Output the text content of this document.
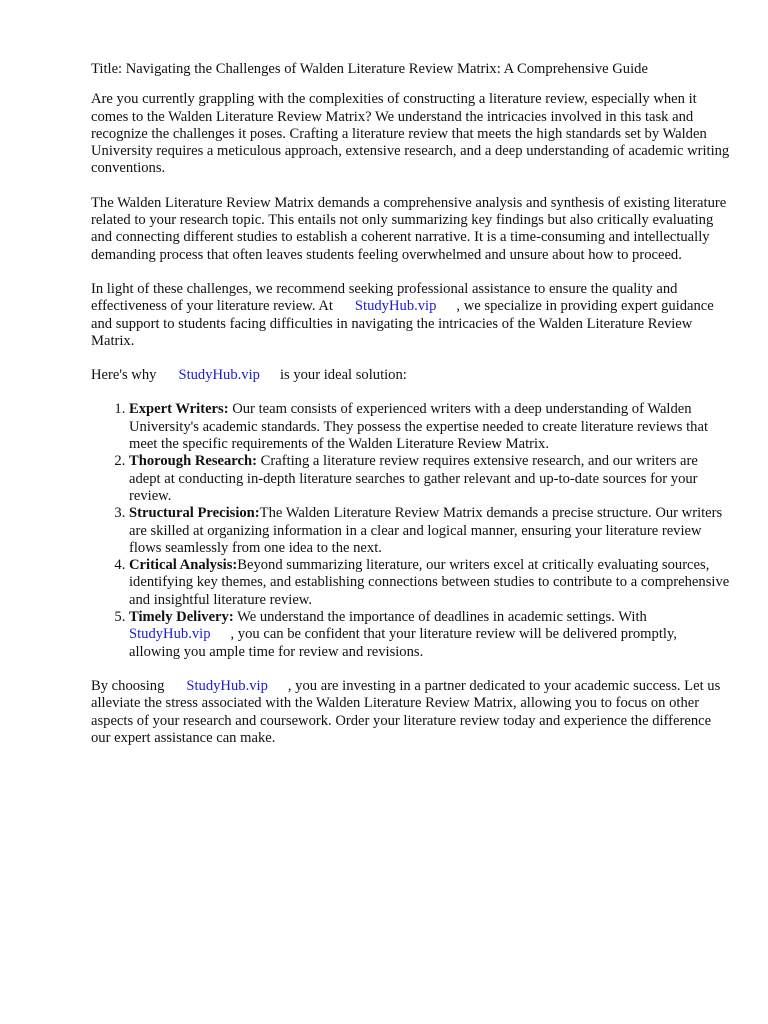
Title: Navigating the Challenges of Walden Literature Review Matrix: A Comprehensive Guide

Are you currently grappling with the complexities of constructing a literature review, especially when it comes to the Walden Literature Review Matrix? We understand the intricacies involved in this task and recognize the challenges it poses. Crafting a literature review that meets the high standards set by Walden University requires a meticulous approach, extensive research, and a deep understanding of academic writing conventions.

The Walden Literature Review Matrix demands a comprehensive analysis and synthesis of existing literature related to your research topic. This entails not only summarizing key findings but also critically evaluating and connecting different studies to establish a coherent narrative. It is a time-consuming and intellectually demanding process that often leaves students feeling overwhelmed and unsure about how to proceed.

In light of these challenges, we recommend seeking professional assistance to ensure the quality and effectiveness of your literature review. At StudyHub.vip , we specialize in providing expert guidance and support to students facing difficulties in navigating the intricacies of the Walden Literature Review Matrix.

Here's why StudyHub.vip is your ideal solution:

1. Expert Writers: Our team consists of experienced writers with a deep understanding of Walden University's academic standards. They possess the expertise needed to create literature reviews that meet the specific requirements of the Walden Literature Review Matrix.
2. Thorough Research: Crafting a literature review requires extensive research, and our writers are adept at conducting in-depth literature searches to gather relevant and up-to-date sources for your review.
3. Structural Precision:The Walden Literature Review Matrix demands a precise structure. Our writers are skilled at organizing information in a clear and logical manner, ensuring your literature review flows seamlessly from one idea to the next.
4. Critical Analysis:Beyond summarizing literature, our writers excel at critically evaluating sources, identifying key themes, and establishing connections between studies to contribute to a comprehensive and insightful literature review.
5. Timely Delivery: We understand the importance of deadlines in academic settings. With StudyHub.vip , you can be confident that your literature review will be delivered promptly, allowing you ample time for review and revisions.

By choosing StudyHub.vip , you are investing in a partner dedicated to your academic success. Let us alleviate the stress associated with the Walden Literature Review Matrix, allowing you to focus on other aspects of your research and coursework. Order your literature review today and experience the difference our expert assistance can make.
